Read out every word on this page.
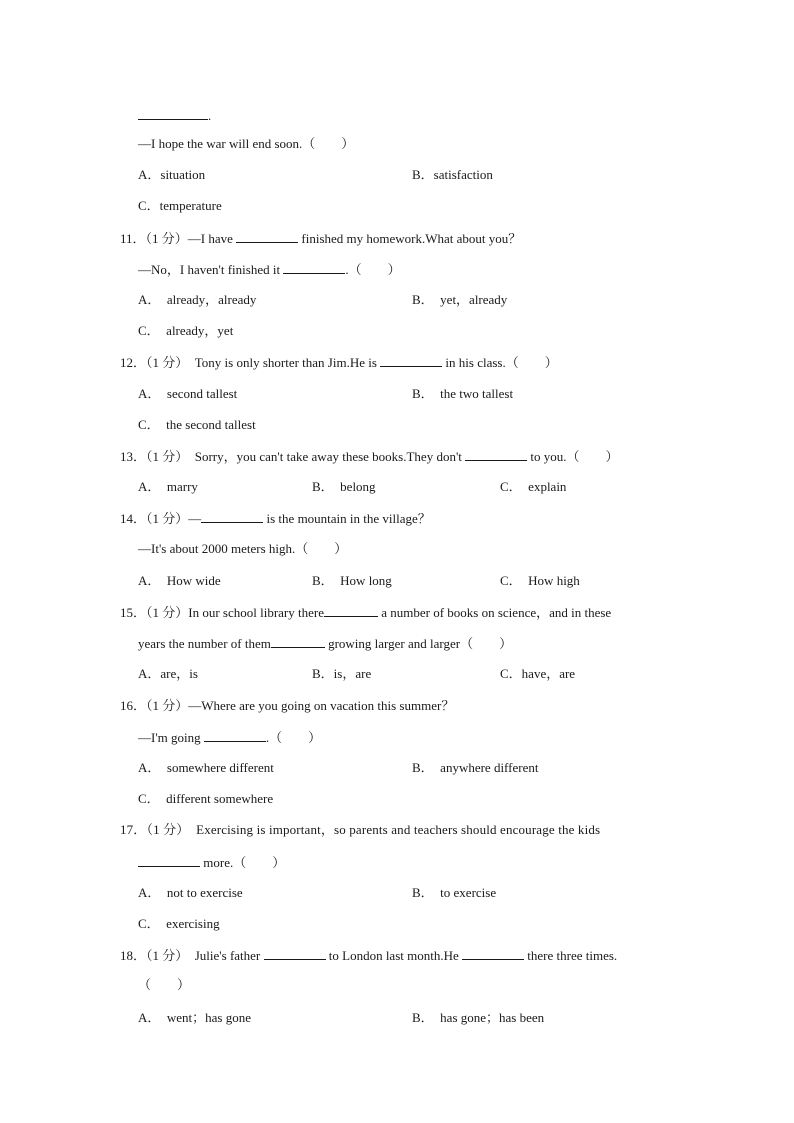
.
—I hope the war will end soon.（　　）
A．situation	B．satisfaction
C．temperature
11．（1 分）—I have	finished my homework.What about you？
—No，I haven't finished it	.（　　）
A．　already，already	B．　yet，already
C．　already，yet
12．（1 分）　Tony is only shorter than Jim.He is	in his class.（　　）
A．　second tallest	B．　the two tallest
C．　the second tallest
13．（1 分）　Sorry，you can't take away these books.They don't	to you.（　　）
A．　marry	B．　belong	C．　explain
14．（1 分）—	is the mountain in the village？
—It's about 2000 meters high.（　　）
A．　How wide	B．　How long	C．　How high
15．（1 分）In our school library there	a number of books on science，and in these
years the number of them	growing larger and larger（　　）
A．are，is	B．is，are	C．have，are
16．（1 分）—Where are you going on vacation this summer？
—I'm going	.（　　）
A．　somewhere different	B．　anywhere different
C．　different somewhere
17．（1 分）　Exercising is important，so parents and teachers should encourage the kids
more.（　　）
A．　not to exercise	B．　to exercise
C．　exercising
18．（1 分）　Julie's father	to London last month.He	there three times.
（　　）
A．　went；has gone	B．　has gone；has been
